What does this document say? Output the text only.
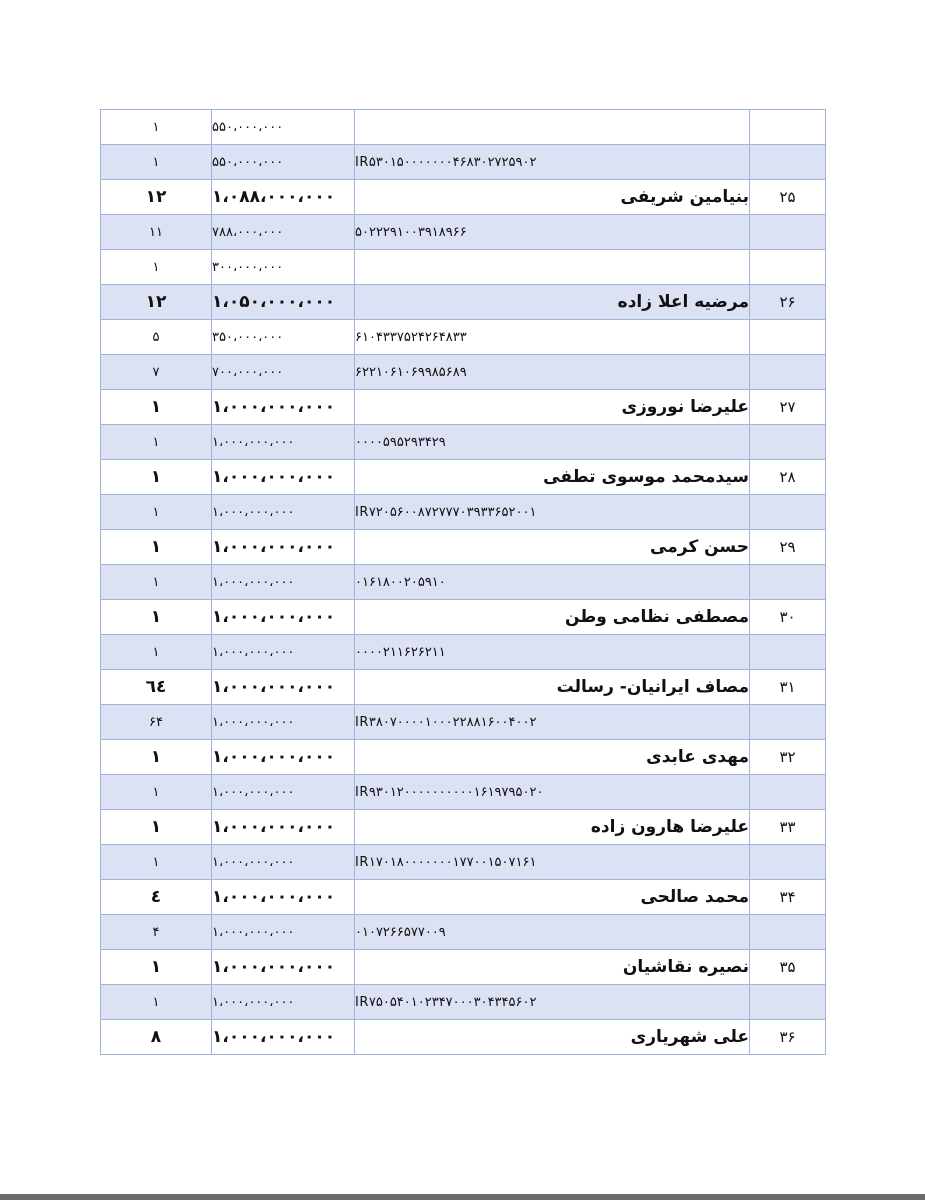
۱	۵۵۰،۰۰۰،۰۰۰		
۱	۵۵۰،۰۰۰،۰۰۰	IR۵۳۰۱۵۰۰۰۰۰۰۰۴۶۸۳۰۲۷۲۵۹۰۲	
۱۲	۱،۰۸۸،۰۰۰،۰۰۰	بنیامین شریفی	۲۵
۱۱	۷۸۸،۰۰۰،۰۰۰	۵۰۲۲۲۹۱۰۰۳۹۱۸۹۶۶	
۱	۳۰۰،۰۰۰،۰۰۰		
۱۲	۱،۰۵۰،۰۰۰،۰۰۰	مرضیه اعلا زاده	۲۶
۵	۳۵۰،۰۰۰،۰۰۰	۶۱۰۴۳۳۷۵۲۴۲۶۴۸۳۳	
۷	۷۰۰،۰۰۰،۰۰۰	۶۲۲۱۰۶۱۰۶۹۹۸۵۶۸۹	
۱	۱،۰۰۰،۰۰۰،۰۰۰	علیرضا نوروزی	۲۷
۱	۱،۰۰۰،۰۰۰،۰۰۰	۰۰۰۰۵۹۵۲۹۳۴۲۹	
۱	۱،۰۰۰،۰۰۰،۰۰۰	سیدمحمد موسوی تطفی	۲۸
۱	۱،۰۰۰،۰۰۰،۰۰۰	IR۷۲۰۵۶۰۰۸۷۲۷۷۷۰۳۹۳۳۶۵۲۰۰۱	
۱	۱،۰۰۰،۰۰۰،۰۰۰	حسن کرمی	۲۹
۱	۱،۰۰۰،۰۰۰،۰۰۰	۰۱۶۱۸۰۰۲۰۵۹۱۰	
۱	۱،۰۰۰،۰۰۰،۰۰۰	مصطفی نظامی وطن	۳۰
۱	۱،۰۰۰،۰۰۰،۰۰۰	۰۰۰۰۲۱۱۶۲۶۲۱۱	
٦٤	۱،۰۰۰،۰۰۰،۰۰۰	مصاف ایرانیان- رسالت	۳۱
۶۴	۱،۰۰۰،۰۰۰،۰۰۰	IR۳۸۰۷۰۰۰۰۱۰۰۰۲۲۸۸۱۶۰۰۴۰۰۲	
۱	۱،۰۰۰،۰۰۰،۰۰۰	مهدی عابدی	۳۲
۱	۱،۰۰۰،۰۰۰،۰۰۰	IR۹۳۰۱۲۰۰۰۰۰۰۰۰۰۰۱۶۱۹۷۹۵۰۲۰	
۱	۱،۰۰۰،۰۰۰،۰۰۰	علیرضا هارون زاده	۳۳
۱	۱،۰۰۰،۰۰۰،۰۰۰	IR۱۷۰۱۸۰۰۰۰۰۰۰۱۷۷۰۰۱۵۰۷۱۶۱	
٤	۱،۰۰۰،۰۰۰،۰۰۰	محمد صالحی	۳۴
۴	۱،۰۰۰،۰۰۰،۰۰۰	۰۱۰۷۲۶۶۵۷۷۰۰۹	
۱	۱،۰۰۰،۰۰۰،۰۰۰	نصیره نقاشیان	۳۵
۱	۱،۰۰۰،۰۰۰،۰۰۰	IR۷۵۰۵۴۰۱۰۲۳۴۷۰۰۰۳۰۴۳۴۵۶۰۲	
۸	۱،۰۰۰،۰۰۰،۰۰۰	علی شهریاری	۳۶
